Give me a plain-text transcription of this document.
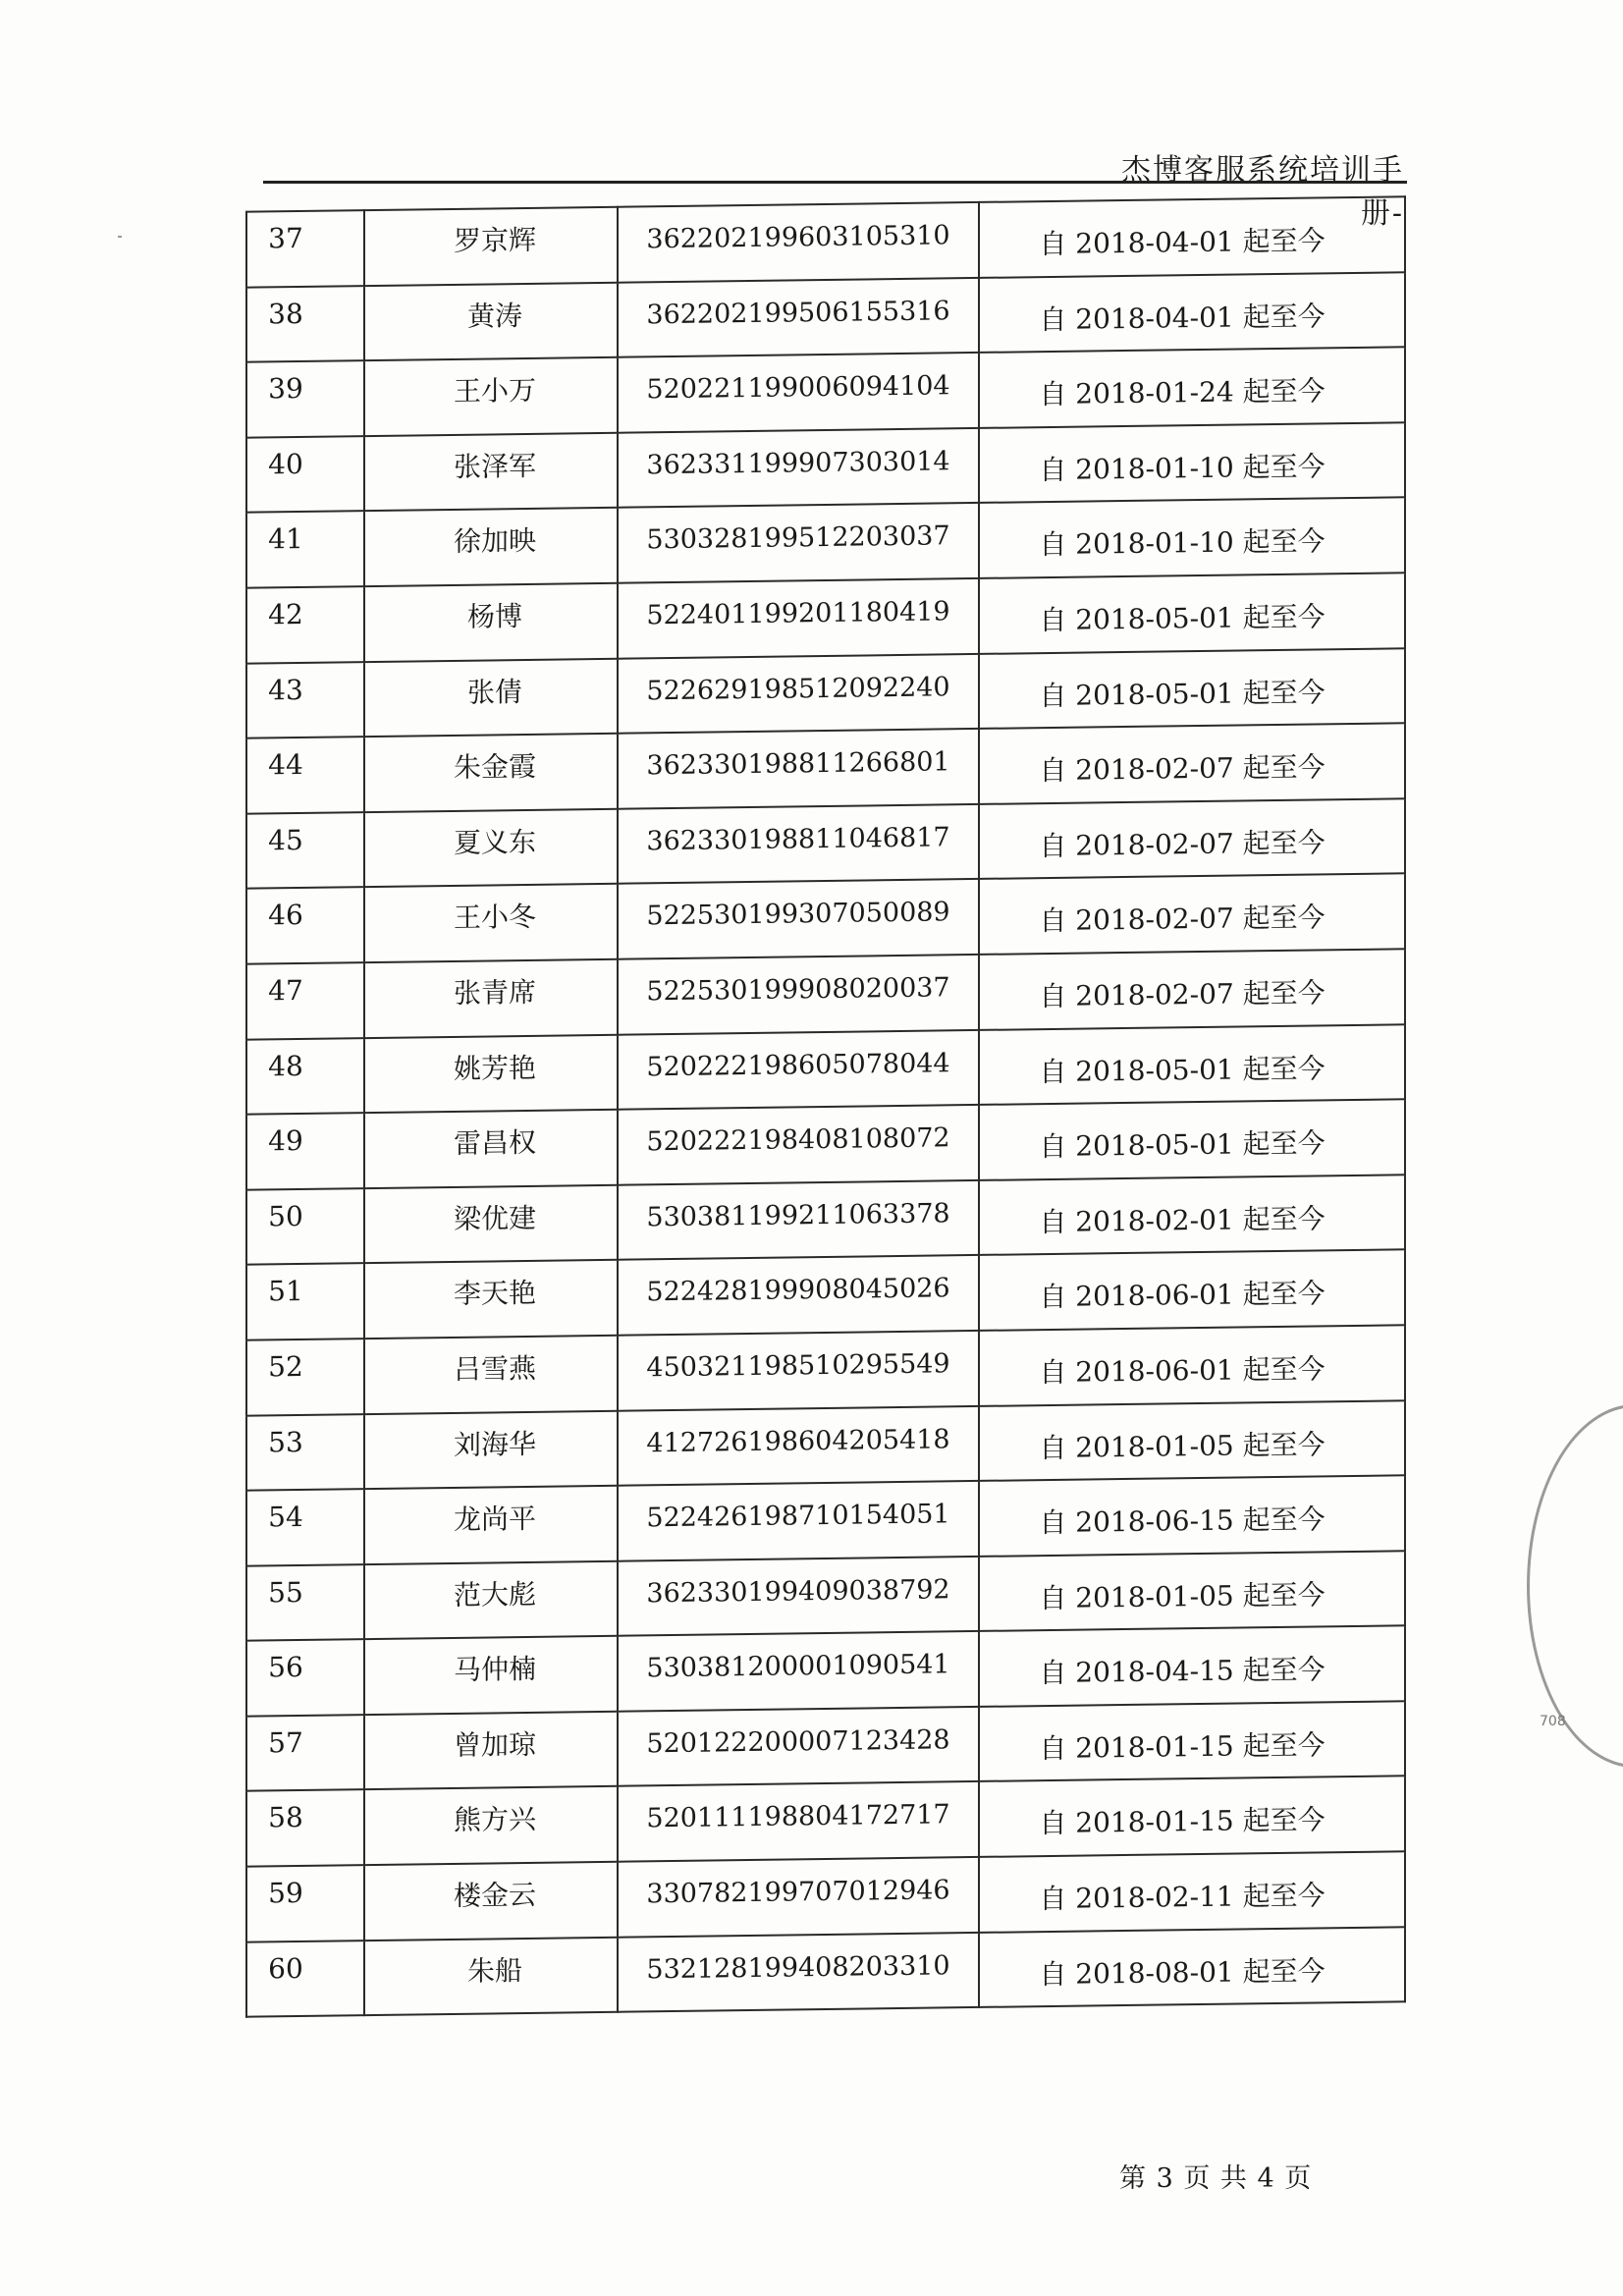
杰博客服系统培训手册-
37	罗京辉	362202199603105310	自 2018-04-01 起至今
38	黄涛	362202199506155316	自 2018-04-01 起至今
39	王小万	520221199006094104	自 2018-01-24 起至今
40	张泽军	362331199907303014	自 2018-01-10 起至今
41	徐加映	530328199512203037	自 2018-01-10 起至今
42	杨博	522401199201180419	自 2018-05-01 起至今
43	张倩	522629198512092240	自 2018-05-01 起至今
44	朱金霞	362330198811266801	自 2018-02-07 起至今
45	夏义东	362330198811046817	自 2018-02-07 起至今
46	王小冬	522530199307050089	自 2018-02-07 起至今
47	张青席	522530199908020037	自 2018-02-07 起至今
48	姚芳艳	520222198605078044	自 2018-05-01 起至今
49	雷昌权	520222198408108072	自 2018-05-01 起至今
50	梁优建	530381199211063378	自 2018-02-01 起至今
51	李天艳	522428199908045026	自 2018-06-01 起至今
52	吕雪燕	450321198510295549	自 2018-06-01 起至今
53	刘海华	412726198604205418	自 2018-01-05 起至今
54	龙尚平	522426198710154051	自 2018-06-15 起至今
55	范大彪	362330199409038792	自 2018-01-05 起至今
56	马仲楠	530381200001090541	自 2018-04-15 起至今
57	曾加琼	520122200007123428	自 2018-01-15 起至今
58	熊方兴	520111198804172717	自 2018-01-15 起至今
59	楼金云	330782199707012946	自 2018-02-11 起至今
60	朱船	532128199408203310	自 2018-08-01 起至今
708
第 3 页 共 4 页
